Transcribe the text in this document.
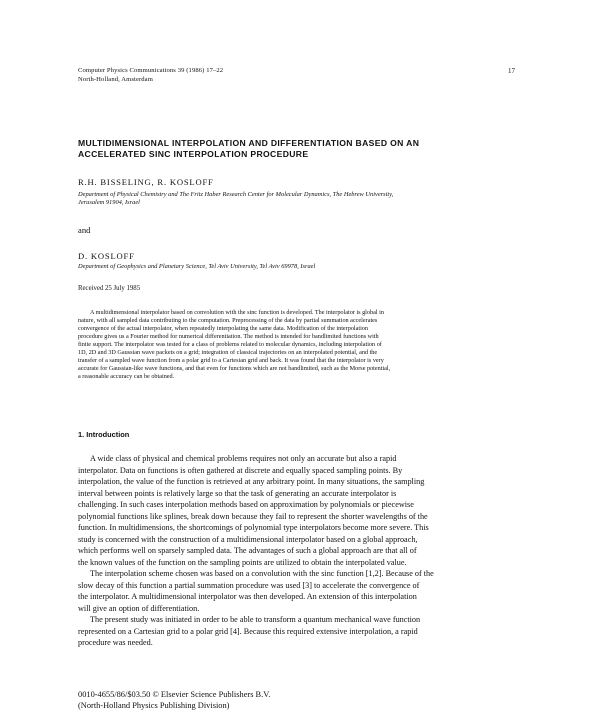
Computer Physics Communications 39 (1986) 17–22
North-Holland, Amsterdam
17
MULTIDIMENSIONAL INTERPOLATION AND DIFFERENTIATION BASED ON AN
ACCELERATED SINC INTERPOLATION PROCEDURE
R.H. BISSELING, R. KOSLOFF
Department of Physical Chemistry and The Fritz Haber Research Center for Molecular Dynamics, The Hebrew University,
Jerusalem 91904, Israel
and
D. KOSLOFF
Department of Geophysics and Planetary Science, Tel Aviv University, Tel Aviv 69978, Israel
Received 25 July 1985
A multidimensional interpolator based on convolution with the sinc function is developed. The interpolator is global in
nature, with all sampled data contributing to the computation. Preprocessing of the data by partial summation accelerates
convergence of the actual interpolator, when repeatedly interpolating the same data. Modification of the interpolation
procedure gives us a Fourier method for numerical differentiation. The method is intended for bandlimited functions with
finite support. The interpolator was tested for a class of problems related to molecular dynamics, including interpolation of
1D, 2D and 3D Gaussian wave packets on a grid; integration of classical trajectories on an interpolated potential, and the
transfer of a sampled wave function from a polar grid to a Cartesian grid and back. It was found that the interpolator is very
accurate for Gaussian-like wave functions, and that even for functions which are not bandlimited, such as the Morse potential,
a reasonable accuracy can be obtained.
1. Introduction
A wide class of physical and chemical problems requires not only an accurate but also a rapid
interpolator. Data on functions is often gathered at discrete and equally spaced sampling points. By
interpolation, the value of the function is retrieved at any arbitrary point. In many situations, the sampling
interval between points is relatively large so that the task of generating an accurate interpolator is
challenging. In such cases interpolation methods based on approximation by polynomials or piecewise
polynomial functions like splines, break down because they fail to represent the shorter wavelengths of the
function. In multidimensions, the shortcomings of polynomial type interpolators become more severe. This
study is concerned with the construction of a multidimensional interpolator based on a global approach,
which performs well on sparsely sampled data. The advantages of such a global approach are that all of
the known values of the function on the sampling points are utilized to obtain the interpolated value.
The interpolation scheme chosen was based on a convolution with the sinc function [1,2]. Because of the
slow decay of this function a partial summation procedure was used [3] to accelerate the convergence of
the interpolator. A multidimensional interpolator was then developed. An extension of this interpolation
will give an option of differentiation.
The present study was initiated in order to be able to transform a quantum mechanical wave function
represented on a Cartesian grid to a polar grid [4]. Because this required extensive interpolation, a rapid
procedure was needed.
0010-4655/86/$03.50 © Elsevier Science Publishers B.V.
(North-Holland Physics Publishing Division)
